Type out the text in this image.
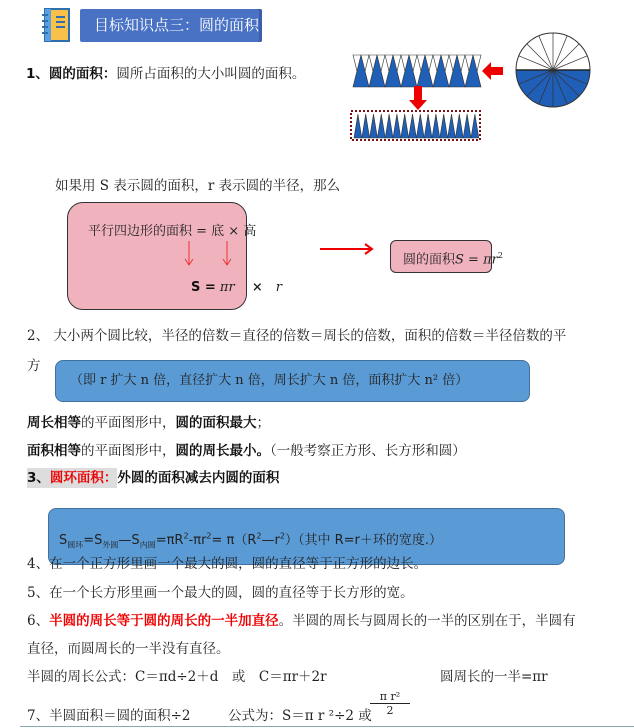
目标知识点三：圆的面积
1、圆的面积：圆所占面积的大小叫圆的面积。
如果用 S 表示圆的面积，r 表示圆的半径，那么
平行四边形的面积 = 底 × 高
S = πr　 ×　 r
圆的面积$S = \pi r^2$
2、 大小两个圆比较，半径的倍数＝直径的倍数＝周长的倍数，面积的倍数＝半径倍数的平
方
（即 r 扩大 n 倍，直径扩大 n 倍，周长扩大 n 倍，面积扩大 n² 倍）
周长相等的平面图形中，圆的面积最大；
面积相等的平面图形中，圆的周长最小。（一般考察正方形、长方形和圆）
3、圆环面积：外圆的面积减去内圆的面积
$S_{圆环}=S_{外圆}—S_{内圆}=\pi R^2-\pi r^2=$ $\pi(R^2—r^2)$（其中 R=r＋环的宽度.）
4、在一个正方形里画一个最大的圆，圆的直径等于正方形的边长。
5、在一个长方形里画一个最大的圆，圆的直径等于长方形的宽。
6、半圆的周长等于圆的周长的一半加直径。半圆的周长与圆周长的一半的区别在于，半圆有
直径，而圆周长的一半没有直径。
半圆的周长公式：C＝πd÷2＋d　或　C＝πr＋2r	圆周长的一半=πr
7、半圆面积＝圆的面积÷2	公式为：S＝π r ²÷2 或
$\frac{\text{π r²}}{2}$
